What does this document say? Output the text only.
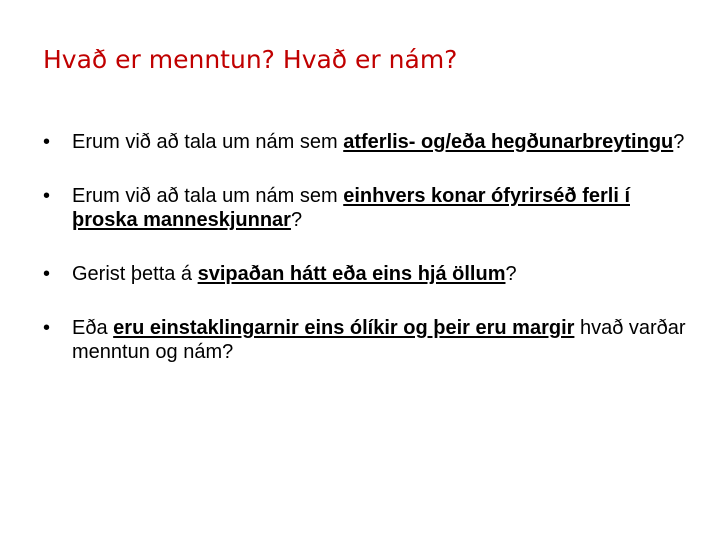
Hvað er menntun? Hvað er nám?
• Erum við að tala um nám sem atferlis- og/eða hegðunarbreytingu?
• Erum við að tala um nám sem einhvers konar ófyrirséð ferli í þroska manneskjunnar?
• Gerist þetta á svipaðan hátt eða eins hjá öllum?
• Eða eru einstaklingarnir eins ólíkir og þeir eru margir hvað varðar menntun og nám?
